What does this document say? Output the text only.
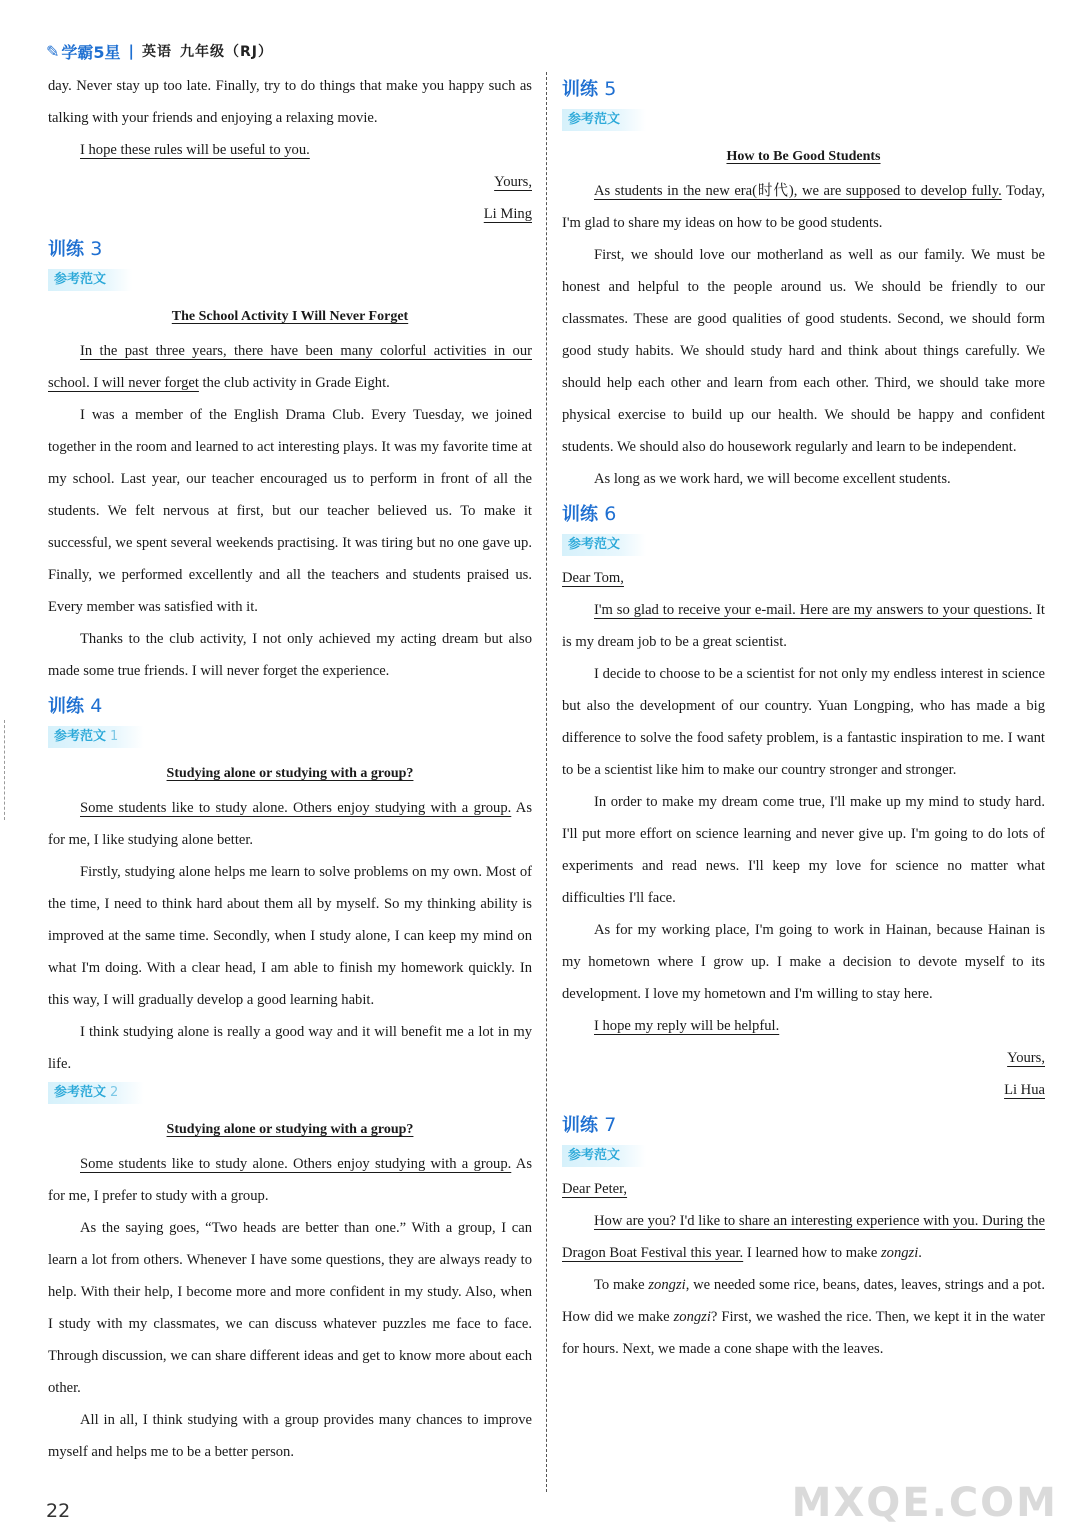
✎ 学霸5星 | 英语 九年级（RJ）

day. Never stay up too late. Finally, try to do things that make you happy such as talking with your friends and enjoying a relaxing movie.

I hope these rules will be useful to you.

Yours,

Li Ming

训练 3
参考范文

The School Activity I Will Never Forget

In the past three years, there have been many colorful activities in our school. I will never forget the club activity in Grade Eight.

I was a member of the English Drama Club. Every Tuesday, we joined together in the room and learned to act interesting plays. It was my favorite time at my school. Last year, our teacher encouraged us to perform in front of all the students. We felt nervous at first, but our teacher believed us. To make it successful, we spent several weekends practising. It was tiring but no one gave up. Finally, we performed excellently and all the teachers and students praised us. Every member was satisfied with it.

Thanks to the club activity, I not only achieved my acting dream but also made some true friends. I will never forget the experience.

训练 4
参考范文 1

Studying alone or studying with a group?

Some students like to study alone. Others enjoy studying with a group. As for me, I like studying alone better.

Firstly, studying alone helps me learn to solve problems on my own. Most of the time, I need to think hard about them all by myself. So my thinking ability is improved at the same time. Secondly, when I study alone, I can keep my mind on what I'm doing. With a clear head, I am able to finish my homework quickly. In this way, I will gradually develop a good learning habit.

I think studying alone is really a good way and it will benefit me a lot in my life.

参考范文 2

Studying alone or studying with a group?

Some students like to study alone. Others enjoy studying with a group. As for me, I prefer to study with a group.

As the saying goes, “Two heads are better than one.” With a group, I can learn a lot from others. Whenever I have some questions, they are always ready to help. With their help, I become more and more confident in my study. Also, when I study with my classmates, we can discuss whatever puzzles me face to face. Through discussion, we can share different ideas and get to know more about each other.

All in all, I think studying with a group provides many chances to improve myself and helps me to be a better person.

训练 5
参考范文

How to Be Good Students

As students in the new era(时代), we are supposed to develop fully. Today, I'm glad to share my ideas on how to be good students.

First, we should love our motherland as well as our family. We must be honest and helpful to the people around us. We should be friendly to our classmates. These are good qualities of good students. Second, we should form good study habits. We should study hard and think about things carefully. We should help each other and learn from each other. Third, we should take more physical exercise to build up our health. We should be happy and confident students. We should also do housework regularly and learn to be independent.

As long as we work hard, we will become excellent students.

训练 6
参考范文

Dear Tom,

I'm so glad to receive your e-mail. Here are my answers to your questions. It is my dream job to be a great scientist.

I decide to choose to be a scientist for not only my endless interest in science but also the development of our country. Yuan Longping, who has made a big difference to solve the food safety problem, is a fantastic inspiration to me. I want to be a scientist like him to make our country stronger and stronger.

In order to make my dream come true, I'll make up my mind to study hard. I'll put more effort on science learning and never give up. I'm going to do lots of experiments and read news. I'll keep my love for science no matter what difficulties I'll face.

As for my working place, I'm going to work in Hainan, because Hainan is my hometown where I grow up. I make a decision to devote myself to its development. I love my hometown and I'm willing to stay here.

I hope my reply will be helpful.

Yours,

Li Hua

训练 7
参考范文

Dear Peter,

How are you? I'd like to share an interesting experience with you. During the Dragon Boat Festival this year. I learned how to make zongzi.

To make zongzi, we needed some rice, beans, dates, leaves, strings and a pot. How did we make zongzi? First, we washed the rice. Then, we kept it in the water for hours. Next, we made a cone shape with the leaves.

22	MXQE.COM
